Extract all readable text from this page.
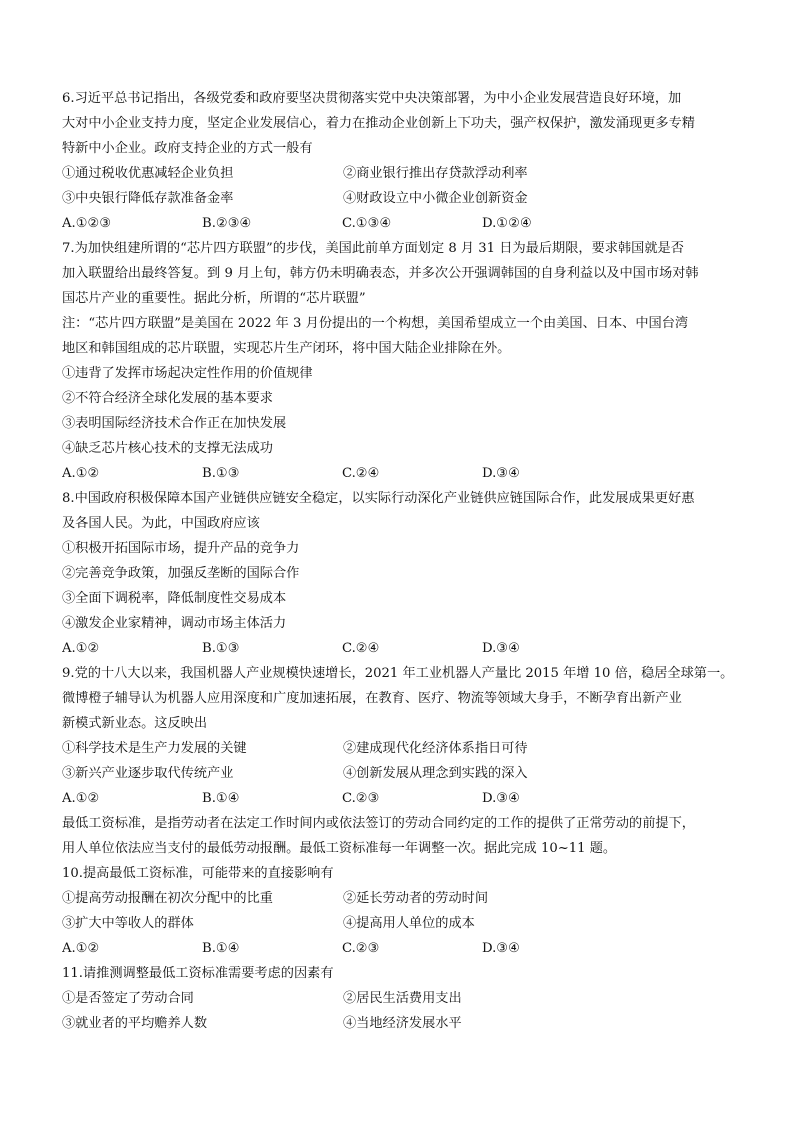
6.习近平总书记指出，各级党委和政府要坚决贯彻落实党中央决策部署，为中小企业发展营造良好环境，加
大对中小企业支持力度，坚定企业发展信心，着力在推动企业创新上下功夫，强产权保护，激发涌现更多专精
特新中小企业。政府支持企业的方式一般有
①通过税收优惠减轻企业负担	②商业银行推出存贷款浮动利率
③中央银行降低存款准备金率	④财政设立中小微企业创新资金
A.①②③	B.②③④	C.①③④	D.①②④
7.为加快组建所谓的“芯片四方联盟”的步伐，美国此前单方面划定 8 月 31 日为最后期限，要求韩国就是否
加入联盟给出最终答复。到 9 月上旬，韩方仍未明确表态，并多次公开强调韩国的自身利益以及中国市场对韩
国芯片产业的重要性。据此分析，所谓的“芯片联盟”
注：“芯片四方联盟”是美国在 2022 年 3 月份提出的一个构想，美国希望成立一个由美国、日本、中国台湾
地区和韩国组成的芯片联盟，实现芯片生产闭环，将中国大陆企业排除在外。
①违背了发挥市场起决定性作用的价值规律
②不符合经济全球化发展的基本要求
③表明国际经济技术合作正在加快发展
④缺乏芯片核心技术的支撑无法成功
A.①②	B.①③	C.②④	D.③④
8.中国政府积极保障本国产业链供应链安全稳定，以实际行动深化产业链供应链国际合作，此发展成果更好惠
及各国人民。为此，中国政府应该
①积极开拓国际市场，提升产品的竞争力
②完善竞争政策，加强反垄断的国际合作
③全面下调税率，降低制度性交易成本
④激发企业家精神，调动市场主体活力
A.①②	B.①③	C.②④	D.③④
9.党的十八大以来，我国机器人产业规模快速增长，2021 年工业机器人产量比 2015 年增 10 倍，稳居全球第一。
微博橙子辅导认为机器人应用深度和广度加速拓展，在教育、医疗、物流等领域大身手，不断孕育出新产业
新模式新业态。这反映出
①科学技术是生产力发展的关键	②建成现代化经济体系指日可待
③新兴产业逐步取代传统产业	④创新发展从理念到实践的深入
A.①②	B.①④	C.②③	D.③④
最低工资标准，是指劳动者在法定工作时间内或依法签订的劳动合同约定的工作的提供了正常劳动的前提下，
用人单位依法应当支付的最低劳动报酬。最低工资标准每一年调整一次。据此完成 10~11 题。
10.提高最低工资标准，可能带来的直接影响有
①提高劳动报酬在初次分配中的比重	②延长劳动者的劳动时间
③扩大中等收人的群体	④提高用人单位的成本
A.①②	B.①④	C.②③	D.③④
11.请推测调整最低工资标准需要考虑的因素有
①是否签定了劳动合同	②居民生活费用支出
③就业者的平均赡养人数	④当地经济发展水平
